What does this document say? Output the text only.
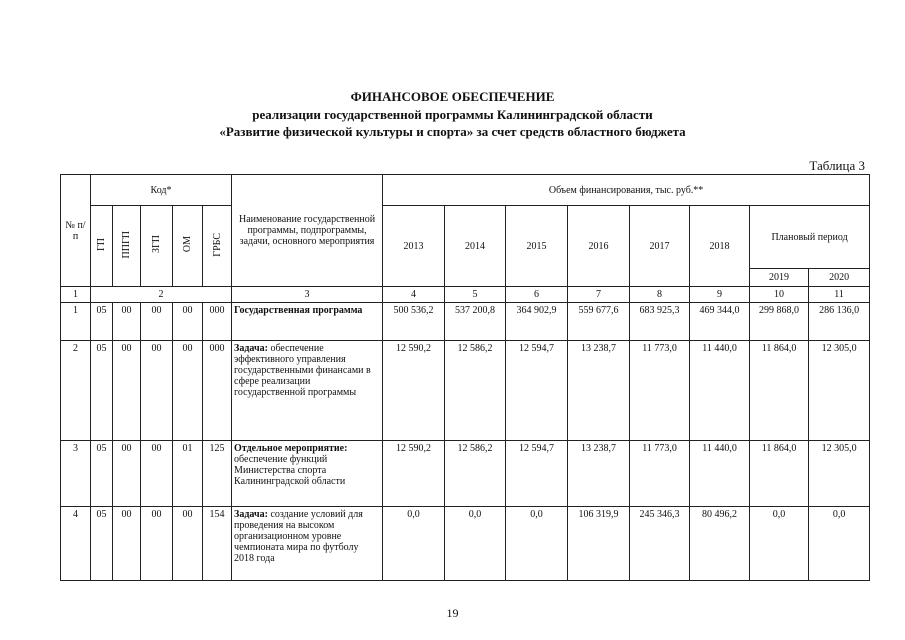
ФИНАНСОВОЕ ОБЕСПЕЧЕНИЕ
реализации государственной программы Калининградской области
«Развитие физической культуры и спорта» за счет средств областного бюджета
Таблица 3
№ п/п	Код*					Наименование государственной программы, подпрограммы, задачи, основного мероприятия	Объем финансирования, тыс. руб.**							
	ГП	ППГП	ЗГП	ОМ	ГРБС		2013	2014	2015	2016	2017	2018	Плановый период	
													2019	2020
1	2					3	4	5	6	7	8	9	10	11
1	05	00	00	00	000	Государственная программа	500 536,2	537 200,8	364 902,9	559 677,6	683 925,3	469 344,0	299 868,0	286 136,0
2	05	00	00	00	000	Задача: обеспечение эффективного управления государственными финансами в сфере реализации государственной программы	12 590,2	12 586,2	12 594,7	13 238,7	11 773,0	11 440,0	11 864,0	12 305,0
3	05	00	00	01	125	Отдельное мероприятие: обеспечение функций Министерства спорта Калининградской области	12 590,2	12 586,2	12 594,7	13 238,7	11 773,0	11 440,0	11 864,0	12 305,0
4	05	00	00	00	154	Задача: создание условий для проведения на высоком организационном уровне чемпионата мира по футболу 2018 года	0,0	0,0	0,0	106 319,9	245 346,3	80 496,2	0,0	0,0
19
